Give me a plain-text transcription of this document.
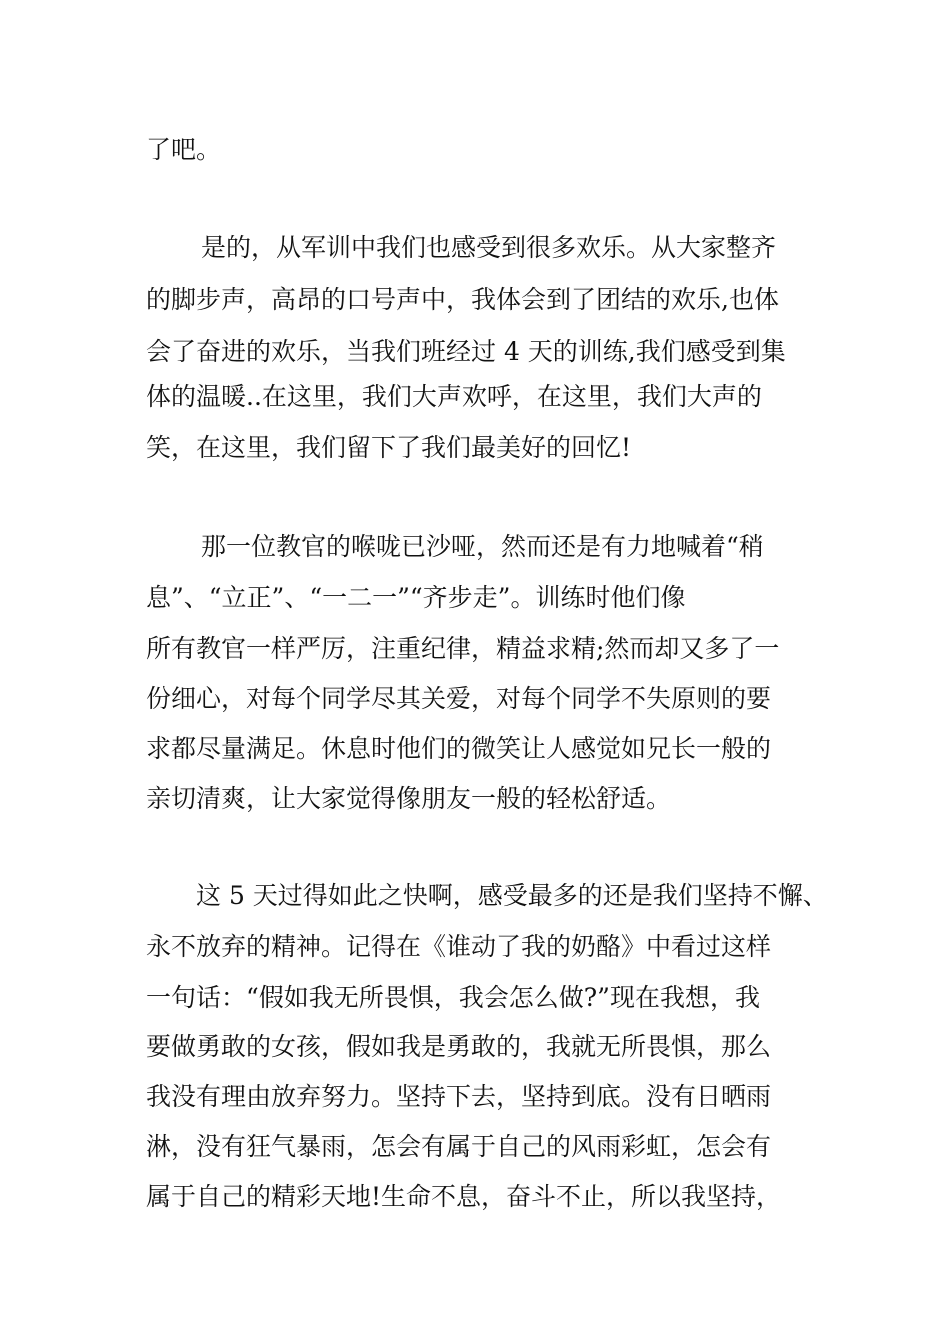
了吧。
是的，从军训中我们也感受到很多欢乐。从大家整齐
的脚步声，高昂的口号声中，我体会到了团结的欢乐,也体
会了奋进的欢乐，当我们班经过 4 天的训练,我们感受到集
体的温暖..在这里，我们大声欢呼，在这里，我们大声的
笑，在这里，我们留下了我们最美好的回忆!
那一位教官的喉咙已沙哑，然而还是有力地喊着“稍
息”、“立正”、“一二一”“齐步走”。训练时他们像
所有教官一样严厉，注重纪律，精益求精;然而却又多了一
份细心，对每个同学尽其关爱，对每个同学不失原则的要
求都尽量满足。休息时他们的微笑让人感觉如兄长一般的
亲切清爽，让大家觉得像朋友一般的轻松舒适。
这 5 天过得如此之快啊，感受最多的还是我们坚持不懈、
永不放弃的精神。记得在《谁动了我的奶酪》中看过这样
一句话：“假如我无所畏惧，我会怎么做?”现在我想，我
要做勇敢的女孩，假如我是勇敢的，我就无所畏惧，那么
我没有理由放弃努力。坚持下去，坚持到底。没有日晒雨
淋，没有狂气暴雨，怎会有属于自己的风雨彩虹，怎会有
属于自己的精彩天地!生命不息，奋斗不止，所以我坚持，
